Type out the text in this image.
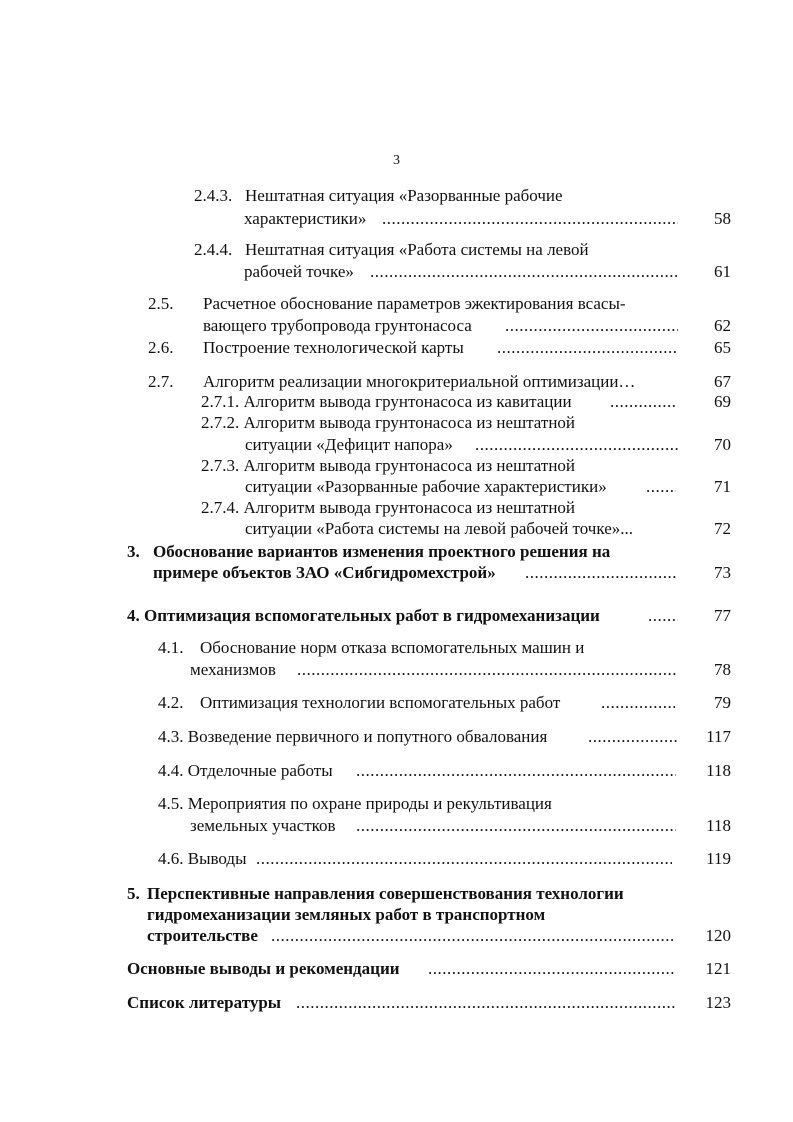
3
2.4.3. Нештатная ситуация «Разорванные рабочие
характеристики» .....	58
2.4.4. Нештатная ситуация «Работа системы на левой
рабочей точке» .....	61
2.5. Расчетное обоснование параметров эжектирования всасы-
вающего трубопровода грунтонасоса .....	62
2.6. Построение технологической карты .....	65
2.7. Алгоритм реализации многокритериальной оптимизации…	67
2.7.1. Алгоритм вывода грунтонасоса из кавитации .....	69
2.7.2. Алгоритм вывода грунтонасоса из нештатной
ситуации «Дефицит напора» .....	70
2.7.3. Алгоритм вывода грунтонасоса из нештатной
ситуации «Разорванные рабочие характеристики» .....	71
2.7.4. Алгоритм вывода грунтонасоса из нештатной
ситуации «Работа системы на левой рабочей точке»...	72
3. Обоснование вариантов изменения проектного решения на
примере объектов ЗАО «Сибгидромехстрой» .....	73
4. Оптимизация вспомогательных работ в гидромеханизации .....	77
4.1. Обоснование норм отказа вспомогательных машин и
механизмов .....	78
4.2. Оптимизация технологии вспомогательных работ .....	79
4.3. Возведение первичного и попутного обвалования .....	117
4.4. Отделочные работы .....	118
4.5. Мероприятия по охране природы и рекультивация
земельных участков .....	118
4.6. Выводы .....	119
5. Перспективные направления совершенствования технологии
гидромеханизации земляных работ в транспортном
строительстве .....	120
Основные выводы и рекомендации .....	121
Список литературы .....	123
